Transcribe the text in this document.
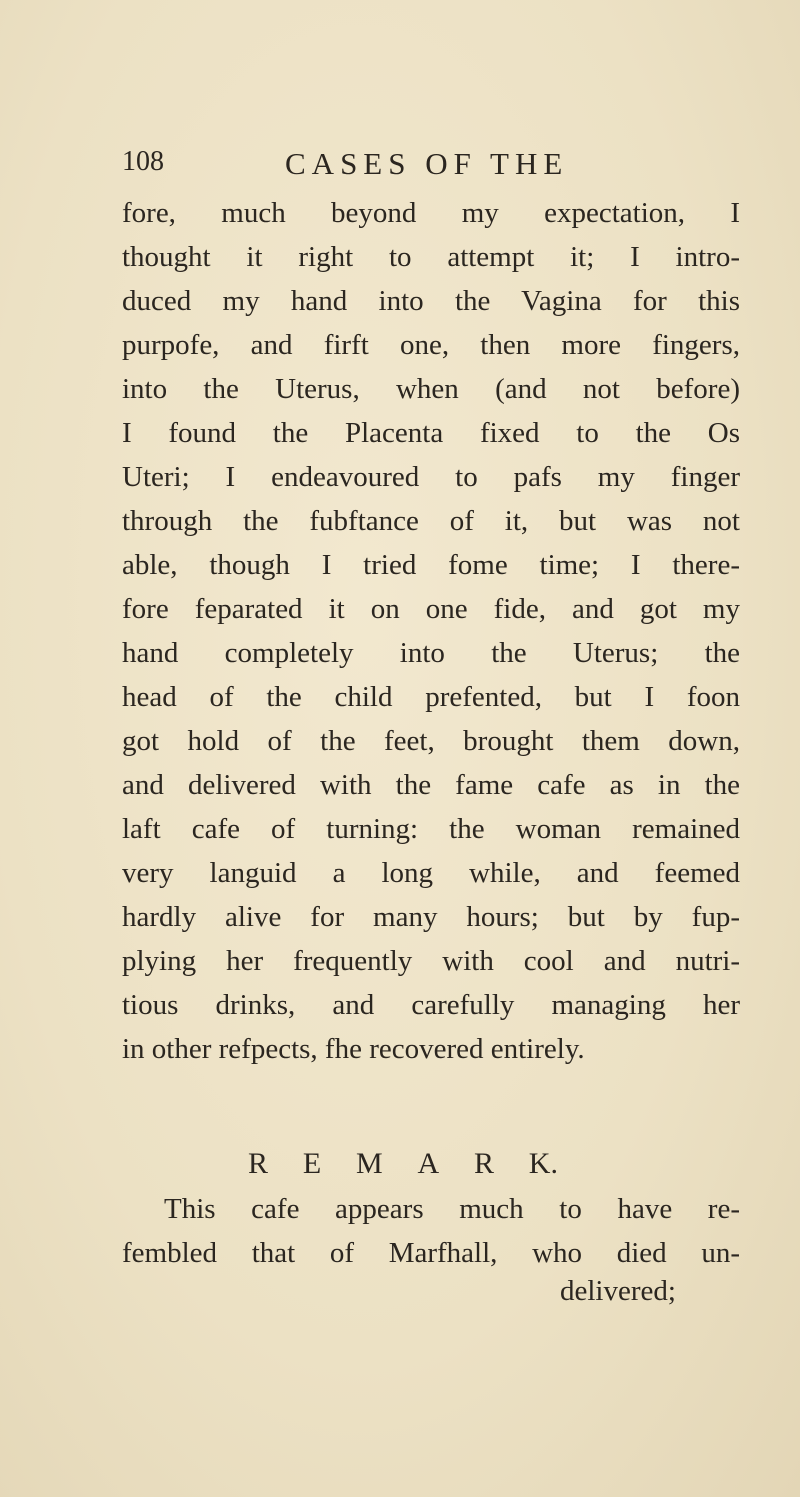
108	CASES OF THE
fore, much beyond my expectation, I
thought it right to attempt it; I intro-
duced my hand into the Vagina for this
purpofe, and firft one, then more fingers,
into the Uterus, when (and not before)
I found the Placenta fixed to the Os
Uteri; I endeavoured to pafs my finger
through the fubftance of it, but was not
able, though I tried fome time; I there-
fore feparated it on one fide, and got my
hand completely into the Uterus; the
head of the child prefented, but I foon
got hold of the feet, brought them down,
and delivered with the fame cafe as in the
laft cafe of turning: the woman remained
very languid a long while, and feemed
hardly alive for many hours; but by fup-
plying her frequently with cool and nutri-
tious drinks, and carefully managing her
in other refpects, fhe recovered entirely.
R E M A R K.
This cafe appears much to have re-
fembled that of Marfhall, who died un-
delivered;
